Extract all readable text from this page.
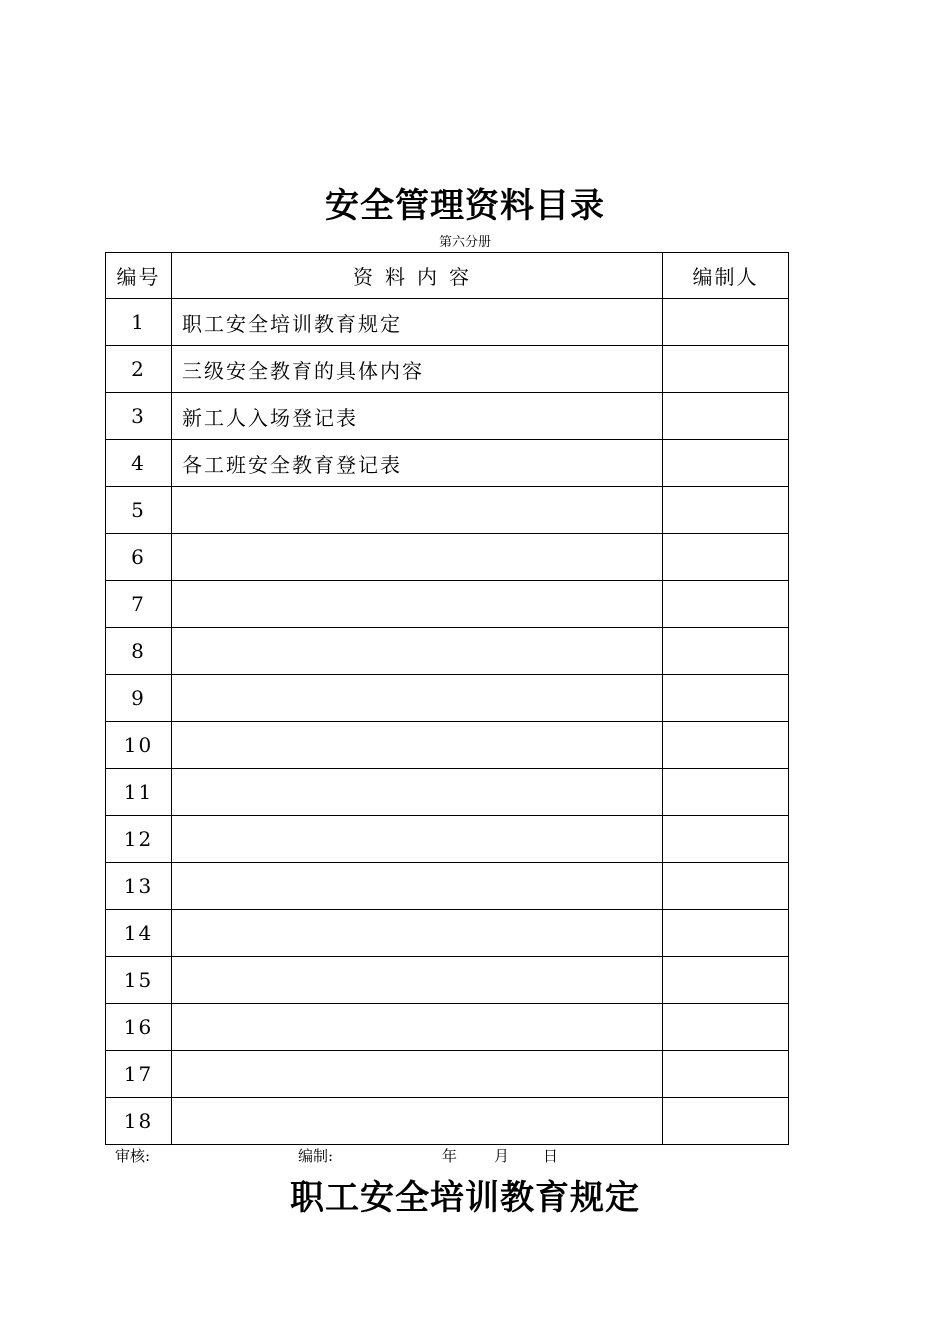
安全管理资料目录
第六分册
编号	资料内容	编制人
1	职工安全培训教育规定	
2	三级安全教育的具体内容	
3	新工人入场登记表	
4	各工班安全教育登记表	
5		
6		
7		
8		
9		
10		
11		
12		
13		
14		
15		
16		
17		
18		
审核:	编制:	年 月 日
职工安全培训教育规定
